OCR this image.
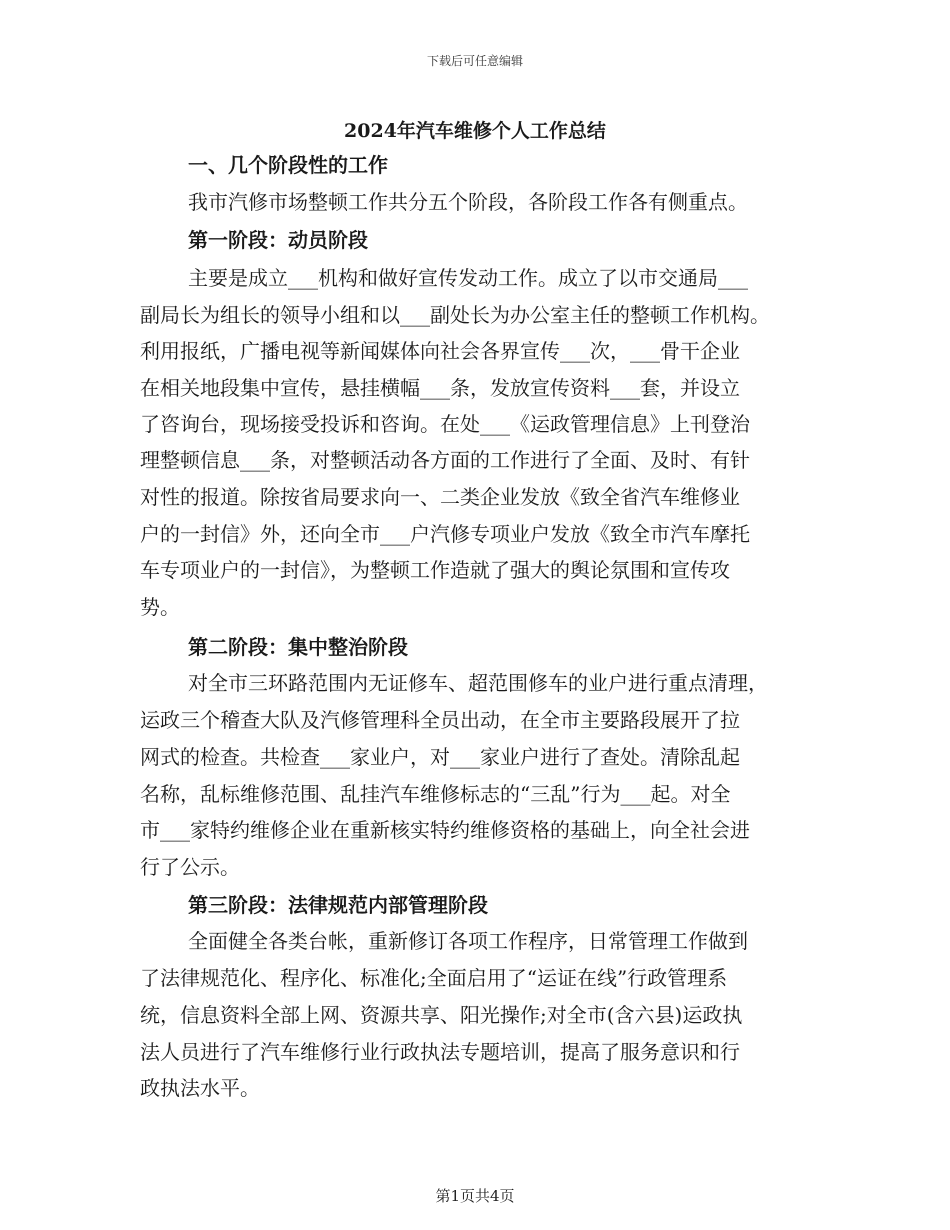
下载后可任意编辑
2024年汽车维修个人工作总结
一、几个阶段性的工作
我市汽修市场整顿工作共分五个阶段，各阶段工作各有侧重点。
第一阶段：动员阶段
主要是成立___机构和做好宣传发动工作。成立了以市交通局___
副局长为组长的领导小组和以___副处长为办公室主任的整顿工作机构。
利用报纸，广播电视等新闻媒体向社会各界宣传___次，___骨干企业
在相关地段集中宣传，悬挂横幅___条，发放宣传资料___套，并设立
了咨询台，现场接受投诉和咨询。在处___《运政管理信息》上刊登治
理整顿信息___条，对整顿活动各方面的工作进行了全面、及时、有针
对性的报道。除按省局要求向一、二类企业发放《致全省汽车维修业
户的一封信》外，还向全市___户汽修专项业户发放《致全市汽车摩托
车专项业户的一封信》，为整顿工作造就了强大的舆论氛围和宣传攻
势。
第二阶段：集中整治阶段
对全市三环路范围内无证修车、超范围修车的业户进行重点清理，
运政三个稽查大队及汽修管理科全员出动，在全市主要路段展开了拉
网式的检查。共检查___家业户，对___家业户进行了查处。清除乱起
名称，乱标维修范围、乱挂汽车维修标志的“三乱”行为___起。对全
市___家特约维修企业在重新核实特约维修资格的基础上，向全社会进
行了公示。
第三阶段：法律规范内部管理阶段
全面健全各类台帐，重新修订各项工作程序，日常管理工作做到
了法律规范化、程序化、标准化;全面启用了“运证在线”行政管理系
统，信息资料全部上网、资源共享、阳光操作;对全市(含六县)运政执
法人员进行了汽车维修行业行政执法专题培训，提高了服务意识和行
政执法水平。
第1页共4页
